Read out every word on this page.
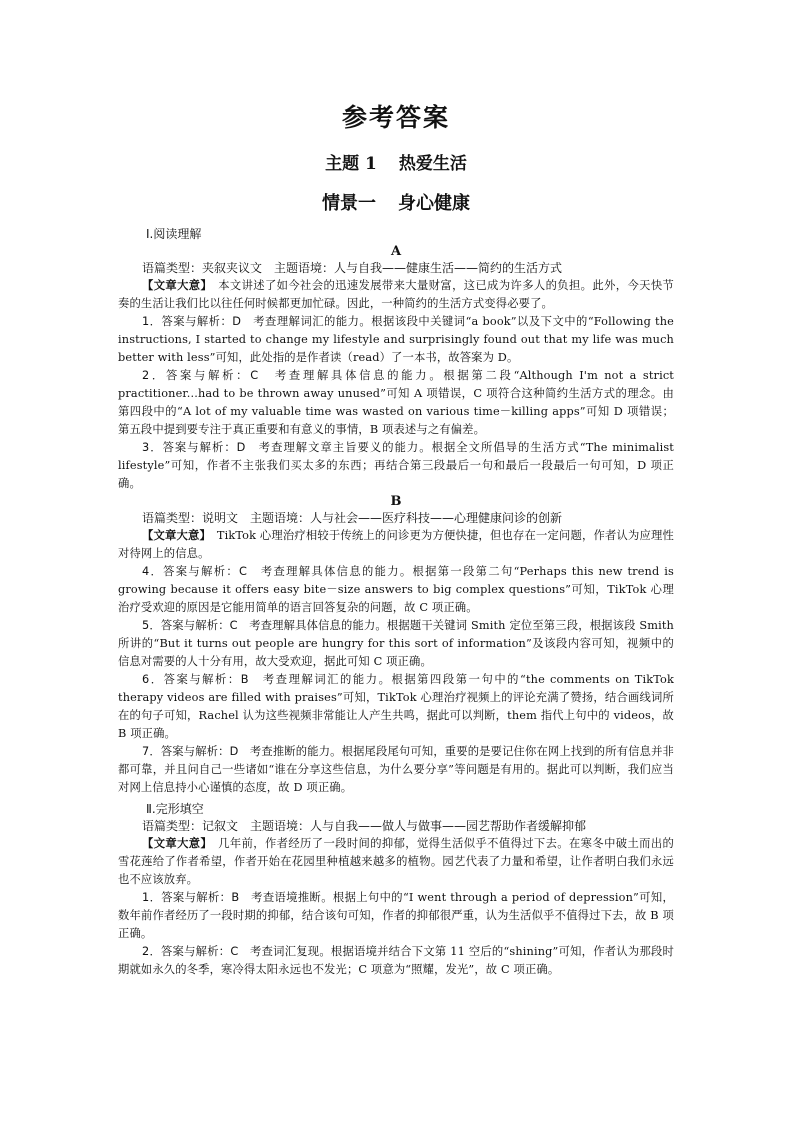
参考答案
主题 1 热爱生活
情景一 身心健康
Ⅰ.阅读理解
A
语篇类型：夹叙夹议文　主题语境：人与自我——健康生活——简约的生活方式

【文章大意】　本文讲述了如今社会的迅速发展带来大量财富，这已成为许多人的负担。此外，今天快节奏的生活让我们比以往任何时候都更加忙碌。因此，一种简约的生活方式变得必要了。

1．答案与解析：D　考查理解词汇的能力。根据该段中关键词“a book”以及下文中的“Following the instructions, I started to change my lifestyle and surprisingly found out that my life was much better with less”可知，此处指的是作者读（read）了一本书，故答案为 D。

2．答案与解析：C　考查理解具体信息的能力。根据第二段“Although I'm not a strict practitioner...had to be thrown away unused”可知 A 项错误，C 项符合这种简约生活方式的理念。由第四段中的“A lot of my valuable time was wasted on various time－killing apps”可知 D 项错误；第五段中提到要专注于真正重要和有意义的事情，B 项表述与之有偏差。

3．答案与解析：D　考查理解文章主旨要义的能力。根据全文所倡导的生活方式“The minimalist lifestyle”可知，作者不主张我们买太多的东西；再结合第三段最后一句和最后一段最后一句可知，D 项正确。

B
语篇类型：说明文　主题语境：人与社会——医疗科技——心理健康问诊的创新

【文章大意】　TikTok 心理治疗相较于传统上的问诊更为方便快捷，但也存在一定问题，作者认为应理性对待网上的信息。

4．答案与解析：C　考查理解具体信息的能力。根据第一段第二句“Perhaps this new trend is growing because it offers easy bite－size answers to big complex questions”可知，TikTok 心理治疗受欢迎的原因是它能用简单的语言回答复杂的问题，故 C 项正确。

5．答案与解析：C　考查理解具体信息的能力。根据题干关键词 Smith 定位至第三段，根据该段 Smith 所讲的“But it turns out people are hungry for this sort of information”及该段内容可知，视频中的信息对需要的人十分有用，故大受欢迎，据此可知 C 项正确。

6．答案与解析：B　考查理解词汇的能力。根据第四段第一句中的“the comments on TikTok therapy videos are filled with praises”可知，TikTok 心理治疗视频上的评论充满了赞扬，结合画线词所在的句子可知，Rachel 认为这些视频非常能让人产生共鸣，据此可以判断，them 指代上句中的 videos，故 B 项正确。

7．答案与解析：D　考查推断的能力。根据尾段尾句可知，重要的是要记住你在网上找到的所有信息并非都可靠，并且问自己一些诸如“谁在分享这些信息，为什么要分享”等问题是有用的。据此可以判断，我们应当对网上信息持小心谨慎的态度，故 D 项正确。

Ⅱ.完形填空
语篇类型：记叙文　主题语境：人与自我——做人与做事——园艺帮助作者缓解抑郁

【文章大意】　几年前，作者经历了一段时间的抑郁，觉得生活似乎不值得过下去。在寒冬中破土而出的雪花莲给了作者希望，作者开始在花园里种植越来越多的植物。园艺代表了力量和希望，让作者明白我们永远也不应该放弃。

1．答案与解析：B　考查语境推断。根据上句中的“I went through a period of depression”可知，数年前作者经历了一段时期的抑郁，结合该句可知，作者的抑郁很严重，认为生活似乎不值得过下去，故 B 项正确。

2．答案与解析：C　考查词汇复现。根据语境并结合下文第 11 空后的“shining”可知，作者认为那段时期就如永久的冬季，寒冷得太阳永远也不发光；C 项意为“照耀，发光”，故 C 项正确。
